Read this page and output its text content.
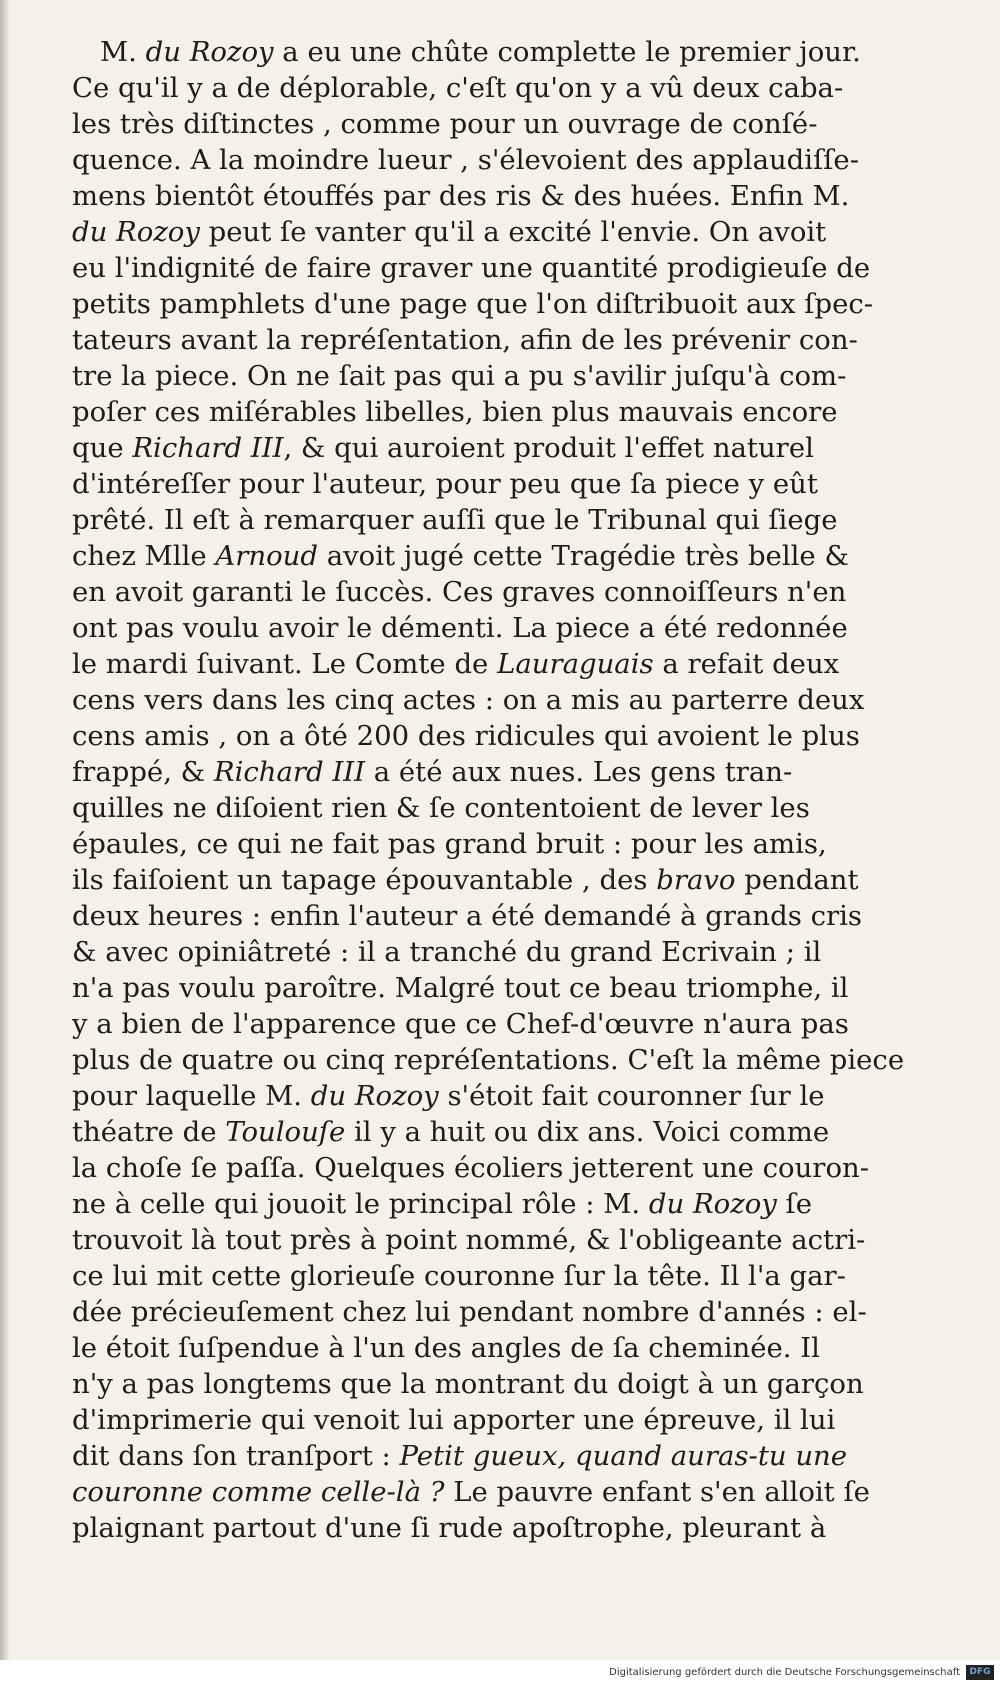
M. du Rozoy a eu une chûte complette le premier jour.
Ce qu'il y a de déplorable, c'eſt qu'on y a vû deux caba-
les très diſtinctes , comme pour un ouvrage de conſé-
quence. A la moindre lueur , s'élevoient des applaudiſſe-
mens bientôt étouffés par des ris & des huées. Enfin M.
du Rozoy peut ſe vanter qu'il a excité l'envie. On avoit
eu l'indignité de faire graver une quantité prodigieuſe de
petits pamphlets d'une page que l'on diſtribuoit aux ſpec-
tateurs avant la repréſentation, afin de les prévenir con-
tre la piece. On ne ſait pas qui a pu s'avilir juſqu'à com-
poſer ces miſérables libelles, bien plus mauvais encore
que Richard III, & qui auroient produit l'effet naturel
d'intéreſſer pour l'auteur, pour peu que ſa piece y eût
prêté. Il eſt à remarquer auſſi que le Tribunal qui ſiege
chez Mlle Arnoud avoit jugé cette Tragédie très belle &
en avoit garanti le ſuccès. Ces graves connoiſſeurs n'en
ont pas voulu avoir le démenti. La piece a été redonnée
le mardi ſuivant. Le Comte de Lauraguais a refait deux
cens vers dans les cinq actes : on a mis au parterre deux
cens amis , on a ôté 200 des ridicules qui avoient le plus
frappé, & Richard III a été aux nues. Les gens tran-
quilles ne diſoient rien & ſe contentoient de lever les
épaules, ce qui ne fait pas grand bruit : pour les amis,
ils faiſoient un tapage épouvantable , des bravo pendant
deux heures : enfin l'auteur a été demandé à grands cris
& avec opiniâtreté : il a tranché du grand Ecrivain ; il
n'a pas voulu paroître. Malgré tout ce beau triomphe, il
y a bien de l'apparence que ce Chef-d'œuvre n'aura pas
plus de quatre ou cinq repréſentations. C'eſt la même piece
pour laquelle M. du Rozoy s'étoit fait couronner ſur le
théatre de Toulouſe il y a huit ou dix ans. Voici comme
la choſe ſe paſſa. Quelques écoliers jetterent une couron-
ne à celle qui jouoit le principal rôle : M. du Rozoy ſe
trouvoit là tout près à point nommé, & l'obligeante actri-
ce lui mit cette glorieuſe couronne ſur la tête. Il l'a gar-
dée précieuſement chez lui pendant nombre d'annés : el-
le étoit ſuſpendue à l'un des angles de ſa cheminée. Il
n'y a pas longtems que la montrant du doigt à un garçon
d'imprimerie qui venoit lui apporter une épreuve, il lui
dit dans ſon tranſport : Petit gueux, quand auras-tu une
couronne comme celle-là ? Le pauvre enfant s'en alloit ſe
plaignant partout d'une ſi rude apoſtrophe, pleurant à
Digitalisierung gefördert durch die Deutsche Forschungsgemeinschaft	DFG
